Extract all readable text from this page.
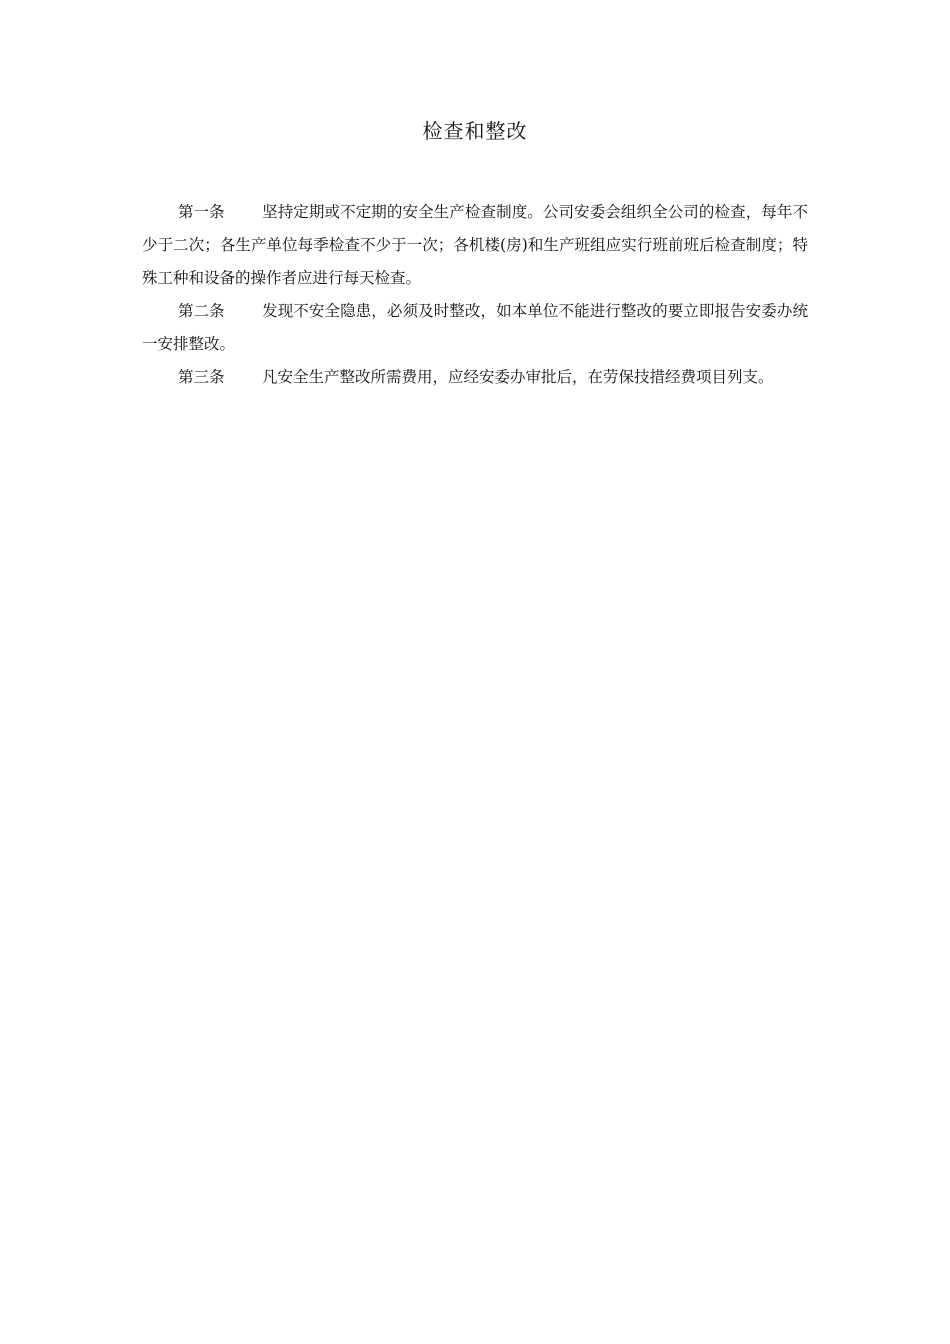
检查和整改

第一条 坚持定期或不定期的安全生产检查制度。公司安委会组织全公司的检查，每年不少于二次；各生产单位每季检查不少于一次；各机楼(房)和生产班组应实行班前班后检查制度；特殊工种和设备的操作者应进行每天检查。

第二条 发现不安全隐患，必须及时整改，如本单位不能进行整改的要立即报告安委办统一安排整改。

第三条 凡安全生产整改所需费用，应经安委办审批后，在劳保技措经费项目列支。
